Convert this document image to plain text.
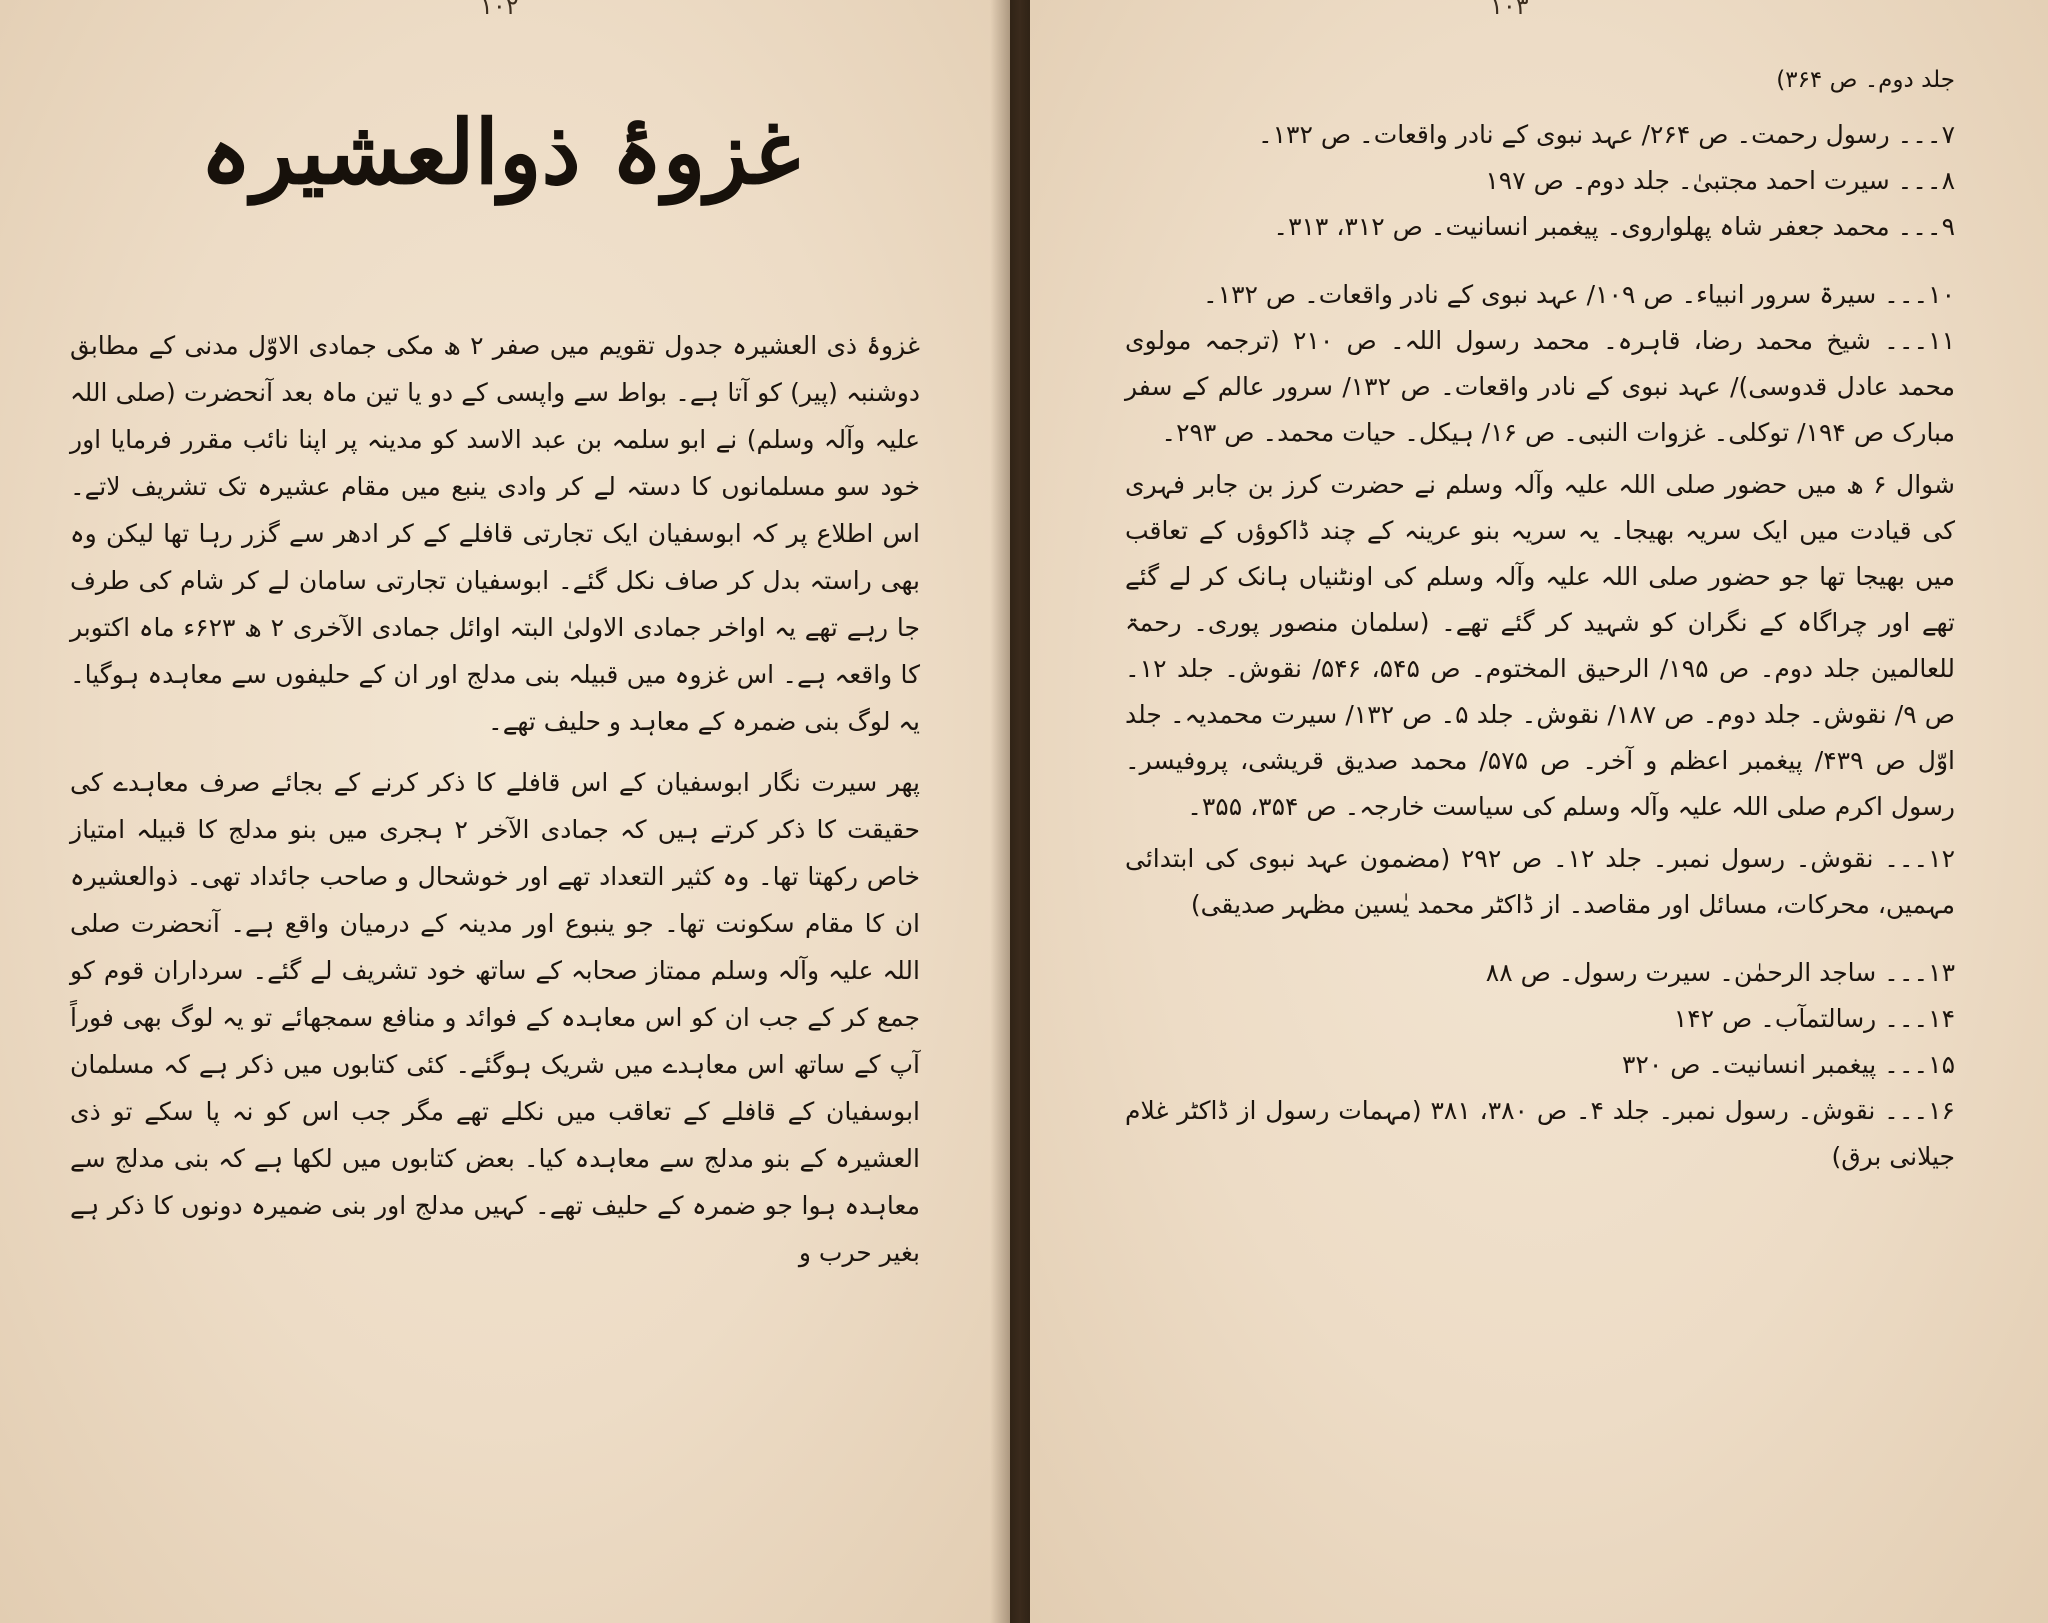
۱۰۲
غزوۂ ذوالعشیرہ

غزوۂ ذی العشیرہ جدول تقویم میں صفر ۲ ھ مکی جمادی الاوّل مدنی کے مطابق دوشنبہ (پیر) کو آتا ہے۔ بواط سے واپسی کے دو یا تین ماہ بعد آنحضرت (صلی اللہ علیہ وآلہ وسلم) نے ابو سلمہ بن عبد الاسد کو مدینہ پر اپنا نائب مقرر فرمایا اور خود سو مسلمانوں کا دستہ لے کر وادی ینبع میں مقام عشیرہ تک تشریف لاتے۔ اس اطلاع پر کہ ابوسفیان ایک تجارتی قافلے کے کر ادھر سے گزر رہا تھا لیکن وہ بھی راستہ بدل کر صاف نکل گئے۔ ابوسفیان تجارتی سامان لے کر شام کی طرف جا رہے تھے یہ اواخر جمادی الاولیٰ البتہ اوائل جمادی الآخری ۲ ھ ۶۲۳ء ماہ اکتوبر کا واقعہ ہے۔ اس غزوہ میں قبیلہ بنی مدلج اور ان کے حلیفوں سے معاہدہ ہوگیا۔ یہ لوگ بنی ضمرہ کے معاہد و حلیف تھے۔

پھر سیرت نگار ابوسفیان کے اس قافلے کا ذکر کرنے کے بجائے صرف معاہدے کی حقیقت کا ذکر کرتے ہیں کہ جمادی الآخر ۲ ہجری میں بنو مدلج کا قبیلہ امتیاز خاص رکھتا تھا۔ وہ کثیر التعداد تھے اور خوشحال و صاحب جائداد تھی۔ ذوالعشیرہ ان کا مقام سکونت تھا۔ جو ینبوع اور مدینہ کے درمیان واقع ہے۔ آنحضرت صلی اللہ علیہ وآلہ وسلم ممتاز صحابہ کے ساتھ خود تشریف لے گئے۔ سرداران قوم کو جمع کر کے جب ان کو اس معاہدہ کے فوائد و منافع سمجھائے تو یہ لوگ بھی فوراً آپ کے ساتھ اس معاہدے میں شریک ہوگئے۔ کئی کتابوں میں ذکر ہے کہ مسلمان ابوسفیان کے قافلے کے تعاقب میں نکلے تھے مگر جب اس کو نہ پا سکے تو ذی العشیرہ کے بنو مدلج سے معاہدہ کیا۔ بعض کتابوں میں لکھا ہے کہ بنی مدلج سے معاہدہ ہوا جو ضمرہ کے حلیف تھے۔ کہیں مدلج اور بنی ضمیرہ دونوں کا ذکر ہے بغیر حرب و

۱۰۳

جلد دوم۔ ص ۳۶۴)

۷۔۔۔ رسول رحمت۔ ص ۲۶۴/ عہد نبوی کے نادر واقعات۔ ص ۱۳۲۔

۸۔۔۔ سیرت احمد مجتبیٰ۔ جلد دوم۔ ص ۱۹۷

۹۔۔۔ محمد جعفر شاہ پھلواروی۔ پیغمبر انسانیت۔ ص ۳۱۲، ۳۱۳۔

۱۰۔۔۔ سیرۃ سرور انبیاء۔ ص ۱۰۹/ عہد نبوی کے نادر واقعات۔ ص ۱۳۲۔

۱۱۔۔۔ شیخ محمد رضا، قاہرہ۔ محمد رسول اللہ۔ ص ۲۱۰ (ترجمہ مولوی محمد عادل قدوسی)/ عہد نبوی کے نادر واقعات۔ ص ۱۳۲/ سرور عالم کے سفر مبارک ص ۱۹۴/ توکلی۔ غزوات النبی۔ ص ۱۶/ ہیکل۔ حیات محمد۔ ص ۲۹۳۔

شوال ۶ ھ میں حضور صلی اللہ علیہ وآلہ وسلم نے حضرت کرز بن جابر فہری کی قیادت میں ایک سریہ بھیجا۔ یہ سریہ بنو عرینہ کے چند ڈاکوؤں کے تعاقب میں بھیجا تھا جو حضور صلی اللہ علیہ وآلہ وسلم کی اونٹنیاں ہانک کر لے گئے تھے اور چراگاہ کے نگران کو شہید کر گئے تھے۔ (سلمان منصور پوری۔ رحمۃ للعالمین جلد دوم۔ ص ۱۹۵/ الرحیق المختوم۔ ص ۵۴۵، ۵۴۶/ نقوش۔ جلد ۱۲۔ ص ۹/ نقوش۔ جلد دوم۔ ص ۱۸۷/ نقوش۔ جلد ۵۔ ص ۱۳۲/ سیرت محمدیہ۔ جلد اوّل ص ۴۳۹/ پیغمبر اعظم و آخر۔ ص ۵۷۵/ محمد صدیق قریشی، پروفیسر۔ رسول اکرم صلی اللہ علیہ وآلہ وسلم کی سیاست خارجہ۔ ص ۳۵۴، ۳۵۵۔

۱۲۔۔۔ نقوش۔ رسول نمبر۔ جلد ۱۲۔ ص ۲۹۲ (مضمون عہد نبوی کی ابتدائی مہمیں، محرکات، مسائل اور مقاصد۔ از ڈاکٹر محمد یٰسین مظہر صدیقی)

۱۳۔۔۔ ساجد الرحمٰن۔ سیرت رسول۔ ص ۸۸

۱۴۔۔۔ رسالتمآب۔ ص ۱۴۲

۱۵۔۔۔ پیغمبر انسانیت۔ ص ۳۲۰

۱۶۔۔۔ نقوش۔ رسول نمبر۔ جلد ۴۔ ص ۳۸۰، ۳۸۱ (مہمات رسول از ڈاکٹر غلام جیلانی برق)
